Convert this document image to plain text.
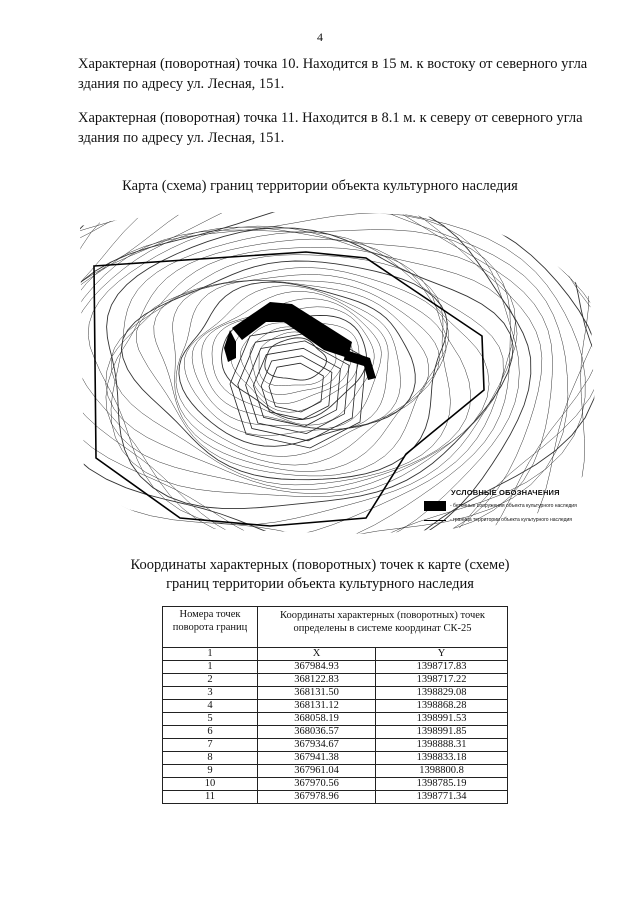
4

Характерная (поворотная) точка 10. Находится в 15 м. к востоку от северного угла здания по адресу ул. Лесная, 151.

Характерная (поворотная) точка 11. Находится в 8.1 м. к северу от северного угла здания по адресу ул. Лесная, 151.

Карта (схема) границ территории объекта культурного наследия
УСЛОВНЫЕ ОБОЗНАЧЕНИЯ
- бетонные сооружения объекта культурного наследия
- граница территории объекта культурного наследия
Координаты характерных (поворотных) точек к карте (схеме)
границ территории объекта культурного наследия
Номера точек поворота границ	Координаты характерных (поворотных) точек определены в системе координат СК-25	
1	X	Y
1	367984.93	1398717.83
2	368122.83	1398717.22
3	368131.50	1398829.08
4	368131.12	1398868.28
5	368058.19	1398991.53
6	368036.57	1398991.85
7	367934.67	1398888.31
8	367941.38	1398833.18
9	367961.04	1398800.8
10	367970.56	1398785.19
11	367978.96	1398771.34
